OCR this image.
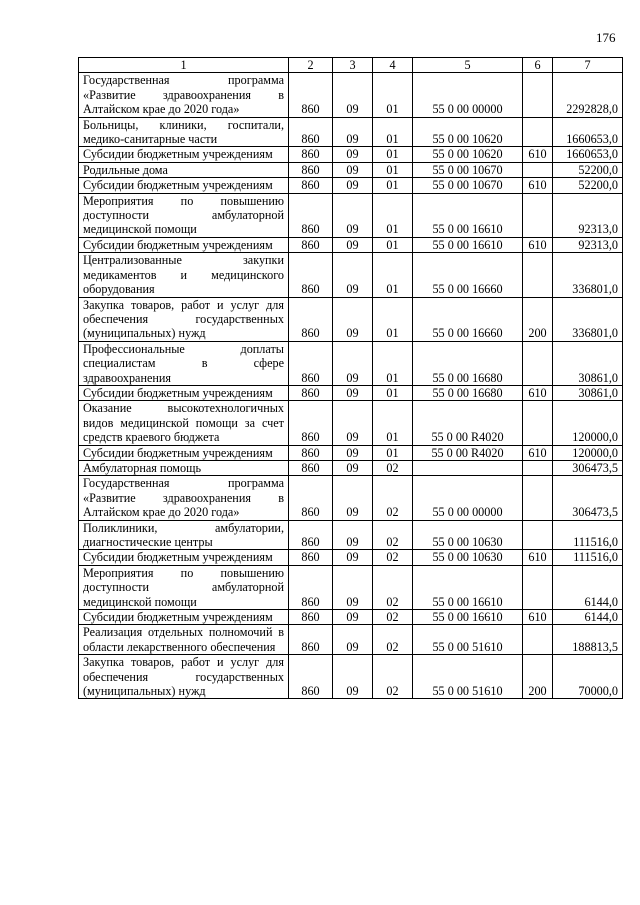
176
1	2	3	4	5	6	7

Государственная программа «Развитие здравоохранения в Алтайском крае до 2020 года»	860	09	01	55 0 00 00000		2292828,0

Больницы, клиники, госпитали, медико-санитарные части	860	09	01	55 0 00 10620		1660653,0

Субсидии бюджетным учреждениям	860	09	01	55 0 00 10620	610	1660653,0

Родильные дома	860	09	01	55 0 00 10670		52200,0

Субсидии бюджетным учреждениям	860	09	01	55 0 00 10670	610	52200,0

Мероприятия по повышению доступности амбулаторной медицинской помощи	860	09	01	55 0 00 16610		92313,0

Субсидии бюджетным учреждениям	860	09	01	55 0 00 16610	610	92313,0

Централизованные закупки медикаментов и медицинского оборудования	860	09	01	55 0 00 16660		336801,0

Закупка товаров, работ и услуг для обеспечения государственных (муниципальных) нужд	860	09	01	55 0 00 16660	200	336801,0

Профессиональные доплаты специалистам в сфере здравоохранения	860	09	01	55 0 00 16680		30861,0

Субсидии бюджетным учреждениям	860	09	01	55 0 00 16680	610	30861,0

Оказание высокотехнологичных видов медицинской помощи за счет средств краевого бюджета	860	09	01	55 0 00 R4020		120000,0

Субсидии бюджетным учреждениям	860	09	01	55 0 00 R4020	610	120000,0

Амбулаторная помощь	860	09	02			306473,5

Государственная программа «Развитие здравоохранения в Алтайском крае до 2020 года»	860	09	02	55 0 00 00000		306473,5

Поликлиники, амбулатории, диагностические центры	860	09	02	55 0 00 10630		111516,0

Субсидии бюджетным учреждениям	860	09	02	55 0 00 10630	610	111516,0

Мероприятия по повышению доступности амбулаторной медицинской помощи	860	09	02	55 0 00 16610		6144,0

Субсидии бюджетным учреждениям	860	09	02	55 0 00 16610	610	6144,0

Реализация отдельных полномочий в области лекарственного обеспечения	860	09	02	55 0 00 51610		188813,5

Закупка товаров, работ и услуг для обеспечения государственных (муниципальных) нужд	860	09	02	55 0 00 51610	200	70000,0
